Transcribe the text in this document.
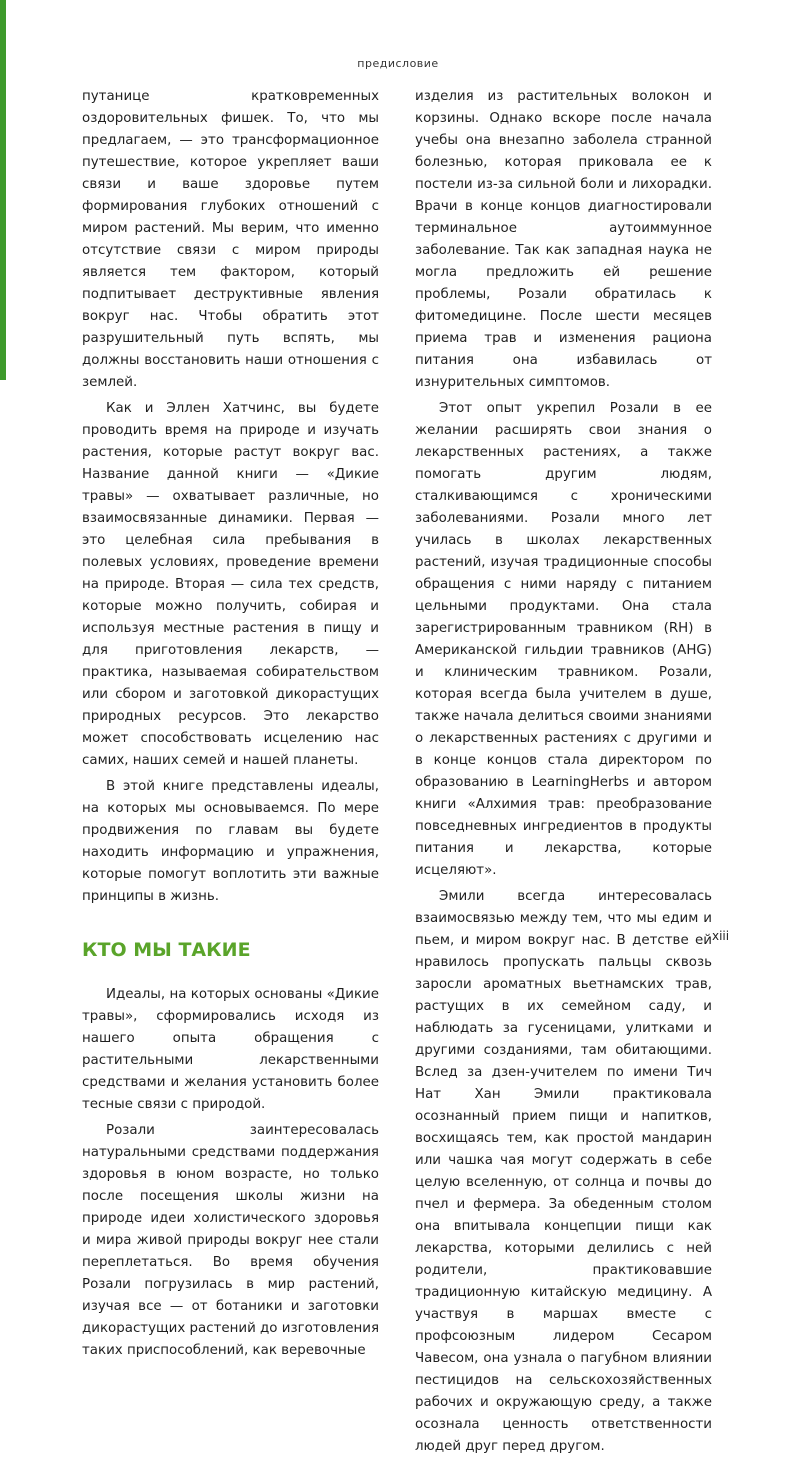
предисловие

путанице кратковременных оздоровительных фишек. То, что мы предлагаем, — это трансформационное путешествие, которое укрепляет ваши связи и ваше здоровье путем формирования глубоких отношений с миром растений. Мы верим, что именно отсутствие связи с миром природы является тем фактором, который подпитывает деструктивные явления вокруг нас. Чтобы обратить этот разрушительный путь вспять, мы должны восстановить наши отношения с землей.

Как и Эллен Хатчинс, вы будете проводить время на природе и изучать растения, которые растут вокруг вас. Название данной книги — «Дикие травы» — охватывает различные, но взаимосвязанные динамики. Первая — это целебная сила пребывания в полевых условиях, проведение времени на природе. Вторая — сила тех средств, которые можно получить, собирая и используя местные растения в пищу и для приготовления лекарств, — практика, называемая собирательством или сбором и заготовкой дикорастущих природных ресурсов. Это лекарство может способствовать исцелению нас самих, наших семей и нашей планеты.

В этой книге представлены идеалы, на которых мы основываемся. По мере продвижения по главам вы будете находить информацию и упражнения, которые помогут воплотить эти важные принципы в жизнь.

КТО МЫ ТАКИЕ

Идеалы, на которых основаны «Дикие травы», сформировались исходя из нашего опыта обращения с растительными лекарственными средствами и желания установить более тесные связи с природой.

Розали заинтересовалась натуральными средствами поддержания здоровья в юном возрасте, но только после посещения школы жизни на природе идеи холистического здоровья и мира живой природы вокруг нее стали переплетаться. Во время обучения Розали погрузилась в мир растений, изучая все — от ботаники и заготовки дикорастущих растений до изготовления таких приспособлений, как веревочные

изделия из растительных волокон и корзины. Однако вскоре после начала учебы она внезапно заболела странной болезнью, которая приковала ее к постели из-за сильной боли и лихорадки. Врачи в конце концов диагностировали терминальное аутоиммунное заболевание. Так как западная наука не могла предложить ей решение проблемы, Розали обратилась к фитомедицине. После шести месяцев приема трав и изменения рациона питания она избавилась от изнурительных симптомов.

Этот опыт укрепил Розали в ее желании расширять свои знания о лекарственных растениях, а также помогать другим людям, сталкивающимся с хроническими заболеваниями. Розали много лет училась в школах лекарственных растений, изучая традиционные способы обращения с ними наряду с питанием цельными продуктами. Она стала зарегистрированным травником (RH) в Американской гильдии травников (AHG) и клиническим травником. Розали, которая всегда была учителем в душе, также начала делиться своими знаниями о лекарственных растениях с другими и в конце концов стала директором по образованию в LearningHerbs и автором книги «Алхимия трав: преобразование повседневных ингредиентов в продукты питания и лекарства, которые исцеляют».

Эмили всегда интересовалась взаимосвязью между тем, что мы едим и пьем, и миром вокруг нас. В детстве ей нравилось пропускать пальцы сквозь заросли ароматных вьетнамских трав, растущих в их семейном саду, и наблюдать за гусеницами, улитками и другими созданиями, там обитающими. Вслед за дзен-учителем по имени Тич Нат Хан Эмили практиковала осознанный прием пищи и напитков, восхищаясь тем, как простой мандарин или чашка чая могут содержать в себе целую вселенную, от солнца и почвы до пчел и фермера. За обеденным столом она впитывала концепции пищи как лекарства, которыми делились с ней родители, практиковавшие традиционную китайскую медицину. А участвуя в маршах вместе с профсоюзным лидером Сесаром Чавесом, она узнала о пагубном влиянии пестицидов на сельскохозяйственных рабочих и окружающую среду, а также осознала ценность ответственности людей друг перед другом.

xiii
